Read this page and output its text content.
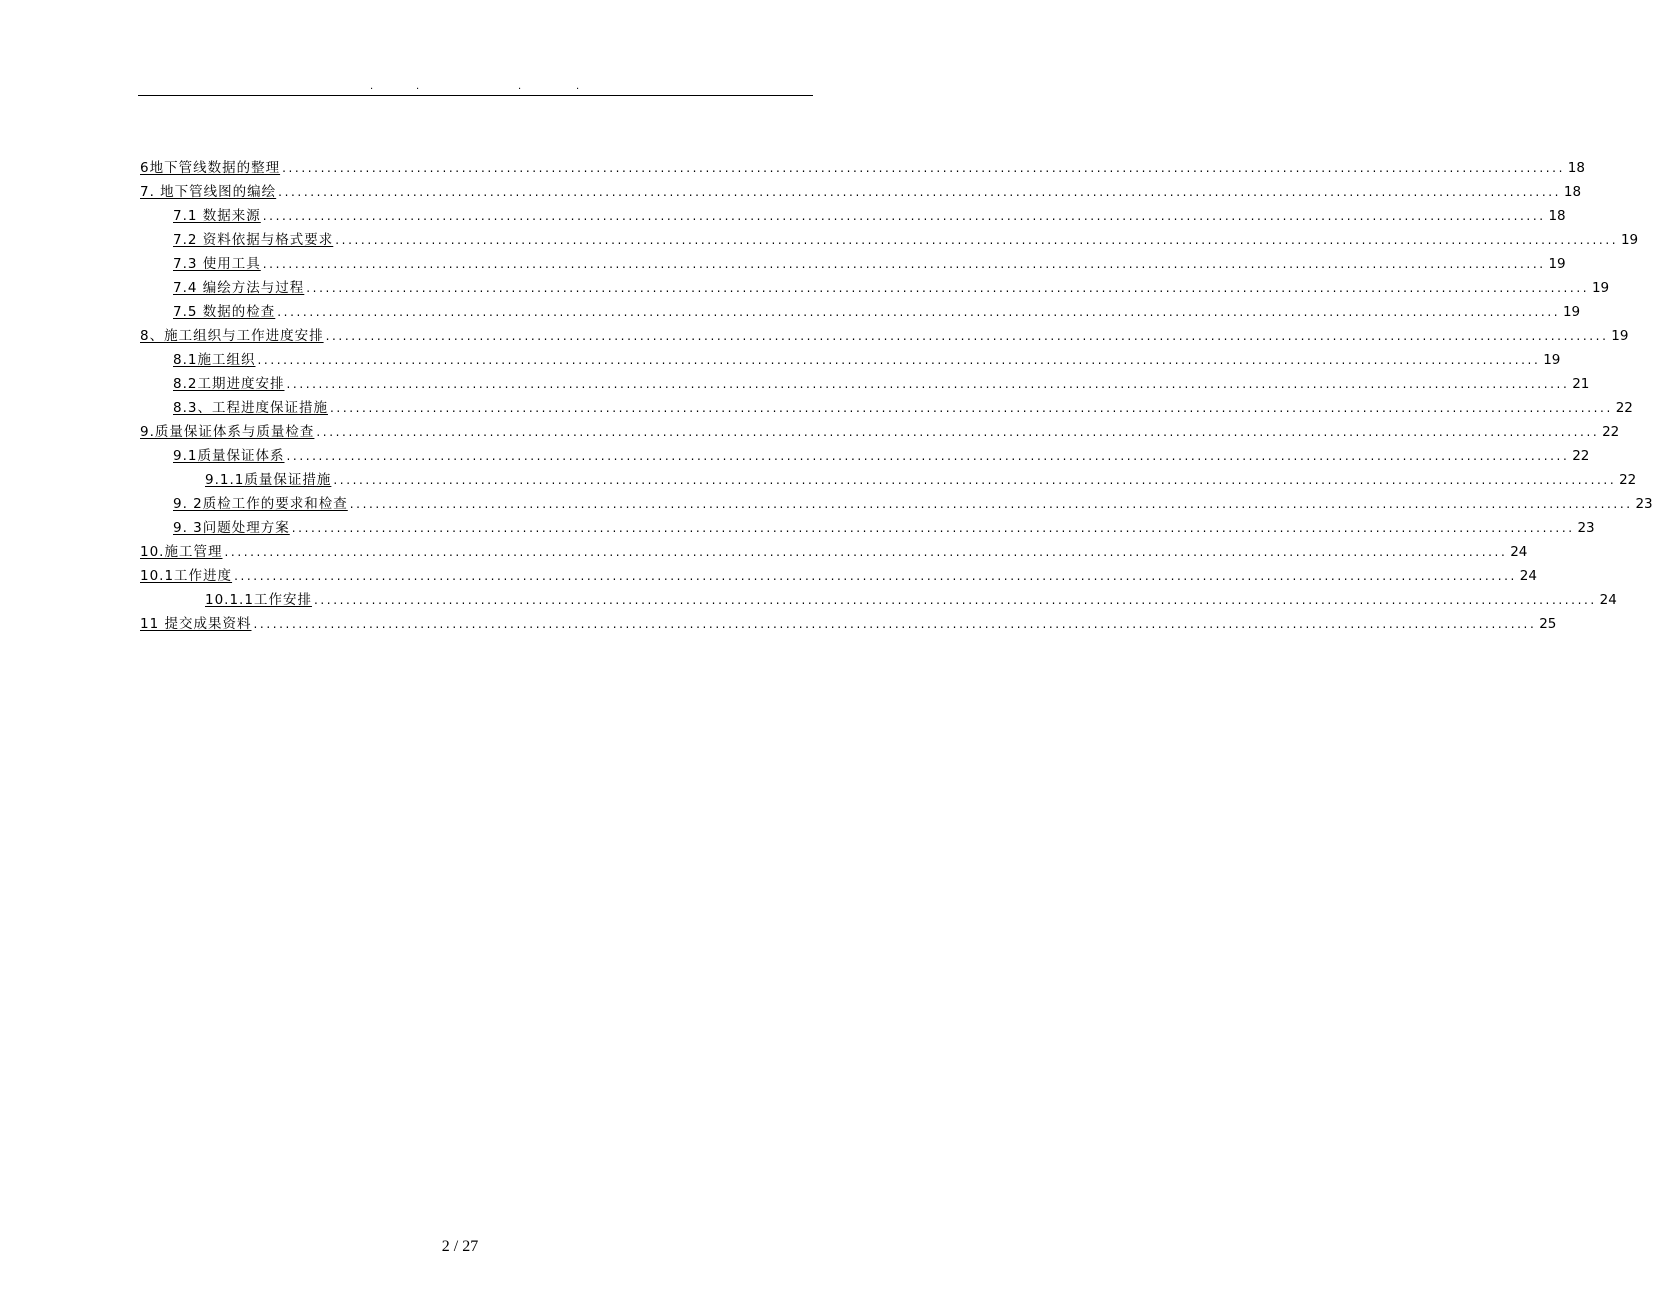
.	.	.	.
6地下管线数据的整理 ........................................................................................................................................................................................................ 18
7. 地下管线图的编绘 ........................................................................................................................................................................................................ 18
7.1 数据来源 ........................................................................................................................................................................................................ 18
7.2 资料依据与格式要求 ........................................................................................................................................................................................................ 19
7.3 使用工具 ........................................................................................................................................................................................................ 19
7.4 编绘方法与过程 ........................................................................................................................................................................................................ 19
7.5 数据的检查 ........................................................................................................................................................................................................ 19
8、施工组织与工作进度安排 ........................................................................................................................................................................................................ 19
8.1施工组织 ........................................................................................................................................................................................................ 19
8.2工期进度安排 ........................................................................................................................................................................................................ 21
8.3、工程进度保证措施 ........................................................................................................................................................................................................ 22
9.质量保证体系与质量检查 ........................................................................................................................................................................................................ 22
9.1质量保证体系 ........................................................................................................................................................................................................ 22
9.1.1质量保证措施 ........................................................................................................................................................................................................ 22
9. 2质检工作的要求和检查 ........................................................................................................................................................................................................ 23
9. 3问题处理方案 ........................................................................................................................................................................................................ 23
10.施工管理 ........................................................................................................................................................................................................ 24
10.1工作进度 ........................................................................................................................................................................................................ 24
10.1.1工作安排 ........................................................................................................................................................................................................ 24
11 提交成果资料 ........................................................................................................................................................................................................ 25
2 / 27
